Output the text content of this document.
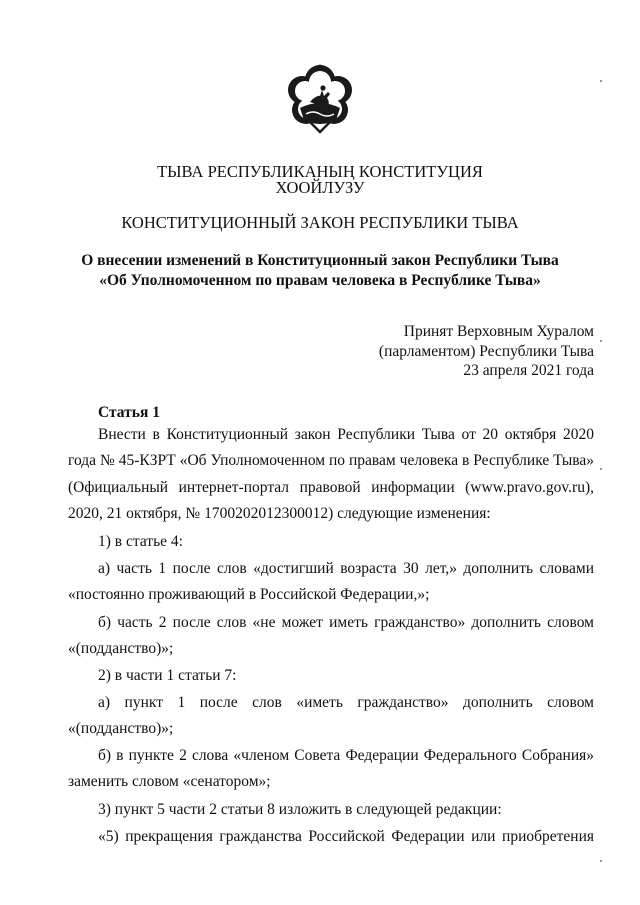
ТЫВА РЕСПУБЛИКАНЫҢ КОНСТИТУЦИЯ
ХООЙЛУЗУ
КОНСТИТУЦИОННЫЙ ЗАКОН РЕСПУБЛИКИ ТЫВА
О внесении изменений в Конституционный закон Республики Тыва
«Об Уполномоченном по правам человека в Республике Тыва»
Принят Верховным Хуралом
(парламентом) Республики Тыва
23 апреля 2021 года
Статья 1
Внести в Конституционный закон Республики Тыва от 20 октября 2020
года № 45-КЗРТ «Об Уполномоченном по правам человека в Республике Тыва»
(Официальный интернет-портал правовой информации (www.pravo.gov.ru),
2020, 21 октября, № 1700202012300012) следующие изменения:
1) в статье 4:
а) часть 1 после слов «достигший возраста 30 лет,» дополнить словами
«постоянно проживающий в Российской Федерации,»;
б) часть 2 после слов «не может иметь гражданство» дополнить словом
«(подданство)»;
2) в части 1 статьи 7:
а) пункт 1 после слов «иметь гражданство» дополнить словом
«(подданство)»;
б) в пункте 2 слова «членом Совета Федерации Федерального Собрания»
заменить словом «сенатором»;
3) пункт 5 части 2 статьи 8 изложить в следующей редакции:
«5) прекращения гражданства Российской Федерации или приобретения
